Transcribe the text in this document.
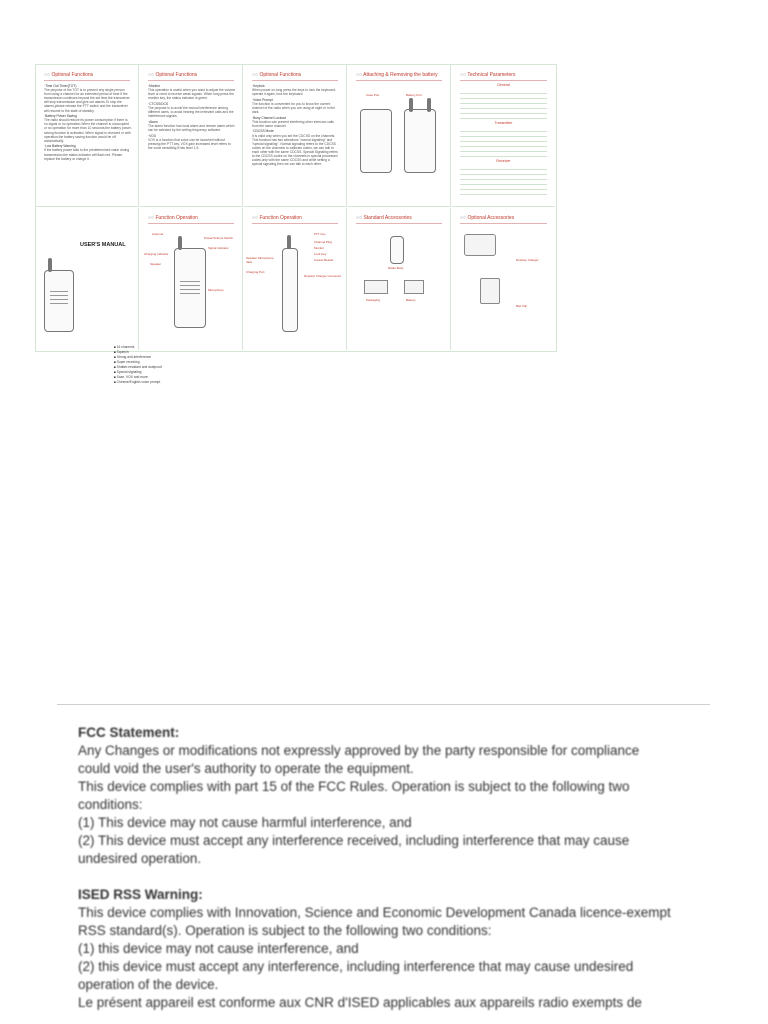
○○ Optional Functions

·Time Out Timer(TOT)
The purpose of the TOT is to prevent any single person from using a channel for an extended period of time.If the transmission continues beyond the set time,the transceiver will stop transmission and give out alarms.To stop the alarms,please release the PTT switch and the transceiver will resume to the state of standby.

·Battery Power Saving
The radio should reduce its power consumption if there is no signal or no operation.When the channel is unoccupied or no operation for more than 10 seconds,the battery power-saving function is activated. When signal is received or with operation,the battery saving function would be off automatically.

·Low Battery Warning
If the battery power falls to the predetermined value during transmission,the status indicator will flash red. Please replace the battery or charge it.

○○ Optional Functions

·Monitor
This operation is useful when you want to adjust the volume level or need to receive weak signals. When long press the monitor key, the status indicator is green.

·CTCSS/DCS
The purpose is to avoid the mutual interference among different users, to avoid hearing the irrelevant calls and the interference signals.

·Alarm
The alarm function has local alarm and remote alarm,which can be selected by the writing frequency software.

·VOX
VOX is a function that voice can be launched without pressing the PTT key. VOX gain increased level refers to the voice sensitivity,it has level 1-9.

○○ Optional Functions

·Keylock
When power on,long press the keys to lock the keyboard; operate it again, lock the keyboard.

·Voice Prompt
The function is convenient for you to know the current channel of the radio when you are using at night or in the dark.

·Busy Channel Lockout
This function can prevent interfering other intercom calls from the same channel.

·CDCSS Mode
It is valid only when you set the CDCSS on the channels. This function has two selections "normal signaling" and "special signaling". Normal signaling refers to the CDCSS codes on the channels to calibrate codes, we can talk to each other with the same CDCSS. Special Signaling refers to the CDCSS codes on the channels in special processed codes,only with the same CDCSS and while setting a special signaling,then we can talk to each other.

○○ Attaching & Removing the battery
Case Port	Battery Port
○○ Technical Parameters
General
Transmitter
Receiver
USER'S MANUAL
■ 16 channels
■ Squelch
■ Strong anti-interference
■ Super receiving
■ Shatter-resistant and dustproof
■ Special signaling
■ Scan, VOX and more
■ Chinese/English voice prompt
○○ Function Operation
Antenna
Power/Volume Switch
Signal Indicator
Charging Indicator
Speaker
Microphone
○○ Function Operation
PTT Key
Channel Plug
Monitor
Lock Key
Speaker Microphone Jack
Charging Port
Cancel Beside
Desktop Charger Connector
○○ Standard Accessories
Radio Body
Packaging	Battery
○○ Optional Accessories
Desktop Charger
Belt Clip

FCC Statement:

Any Changes or modifications not expressly approved by the party responsible for compliance

could void the user's authority to operate the equipment.

This device complies with part 15 of the FCC Rules. Operation is subject to the following two

conditions:

(1) This device may not cause harmful interference, and

(2) This device must accept any interference received, including interference that may cause

undesired operation.

ISED RSS Warning:

This device complies with Innovation, Science and Economic Development Canada licence-exempt

RSS standard(s). Operation is subject to the following two conditions:

(1) this device may not cause interference, and

(2) this device must accept any interference, including interference that may cause undesired

operation of the device.

Le présent appareil est conforme aux CNR d'ISED applicables aux appareils radio exempts de
